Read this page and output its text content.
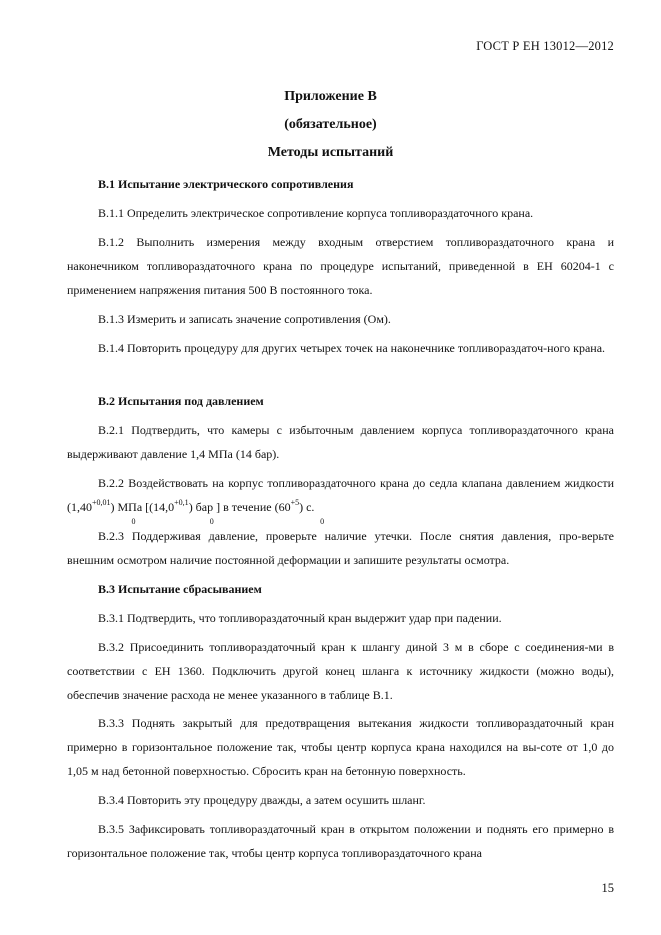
ГОСТ Р ЕН 13012—2012
Приложение В
(обязательное)
Методы испытаний
В.1 Испытание электрического сопротивления
В.1.1 Определить электрическое сопротивление корпуса топливораздаточного крана.
В.1.2 Выполнить измерения между входным отверстием топливораздаточного крана и наконечником топливораздаточного крана по процедуре испытаний, приведенной в ЕН 60204-1 с применением напряжения питания 500 В постоянного тока.
В.1.3 Измерить и записать значение сопротивления (Ом).
В.1.4 Повторить процедуру для других четырех точек на наконечнике топливораздаточ-ного крана.
В.2 Испытания под давлением
В.2.1 Подтвердить, что камеры с избыточным давлением корпуса топливораздаточного крана выдерживают давление 1,4 МПа (14 бар).
В.2.2 Воздействовать на корпус топливораздаточного крана до седла клапана давлением жидкости ($1,40^{+0,01}$
0
) МПа [($14,0^{+0,1}$
0
) бар ] в течение ($60^{+5}$
0
) с.
В.2.3 Поддерживая давление, проверьте наличие утечки. После снятия давления, про-верьте внешним осмотром наличие постоянной деформации и запишите результаты осмотра.
В.3 Испытание сбрасыванием
В.3.1 Подтвердить, что топливораздаточный кран выдержит удар при падении.
В.3.2 Присоединить топливораздаточный кран к шлангу диной 3 м в сборе с соединения-ми в соответствии с ЕН 1360. Подключить другой конец шланга к источнику жидкости (можно воды), обеспечив значение расхода не менее указанного в таблице В.1.
В.3.3 Поднять закрытый для предотвращения вытекания жидкости топливораздаточный кран примерно в горизонтальное положение так, чтобы центр корпуса крана находился на вы-соте от 1,0 до 1,05 м над бетонной поверхностью. Сбросить кран на бетонную поверхность.
В.3.4 Повторить эту процедуру дважды, а затем осушить шланг.
В.3.5 Зафиксировать топливораздаточный кран в открытом положении и поднять его примерно в горизонтальное положение так, чтобы центр корпуса топливораздаточного крана
15
